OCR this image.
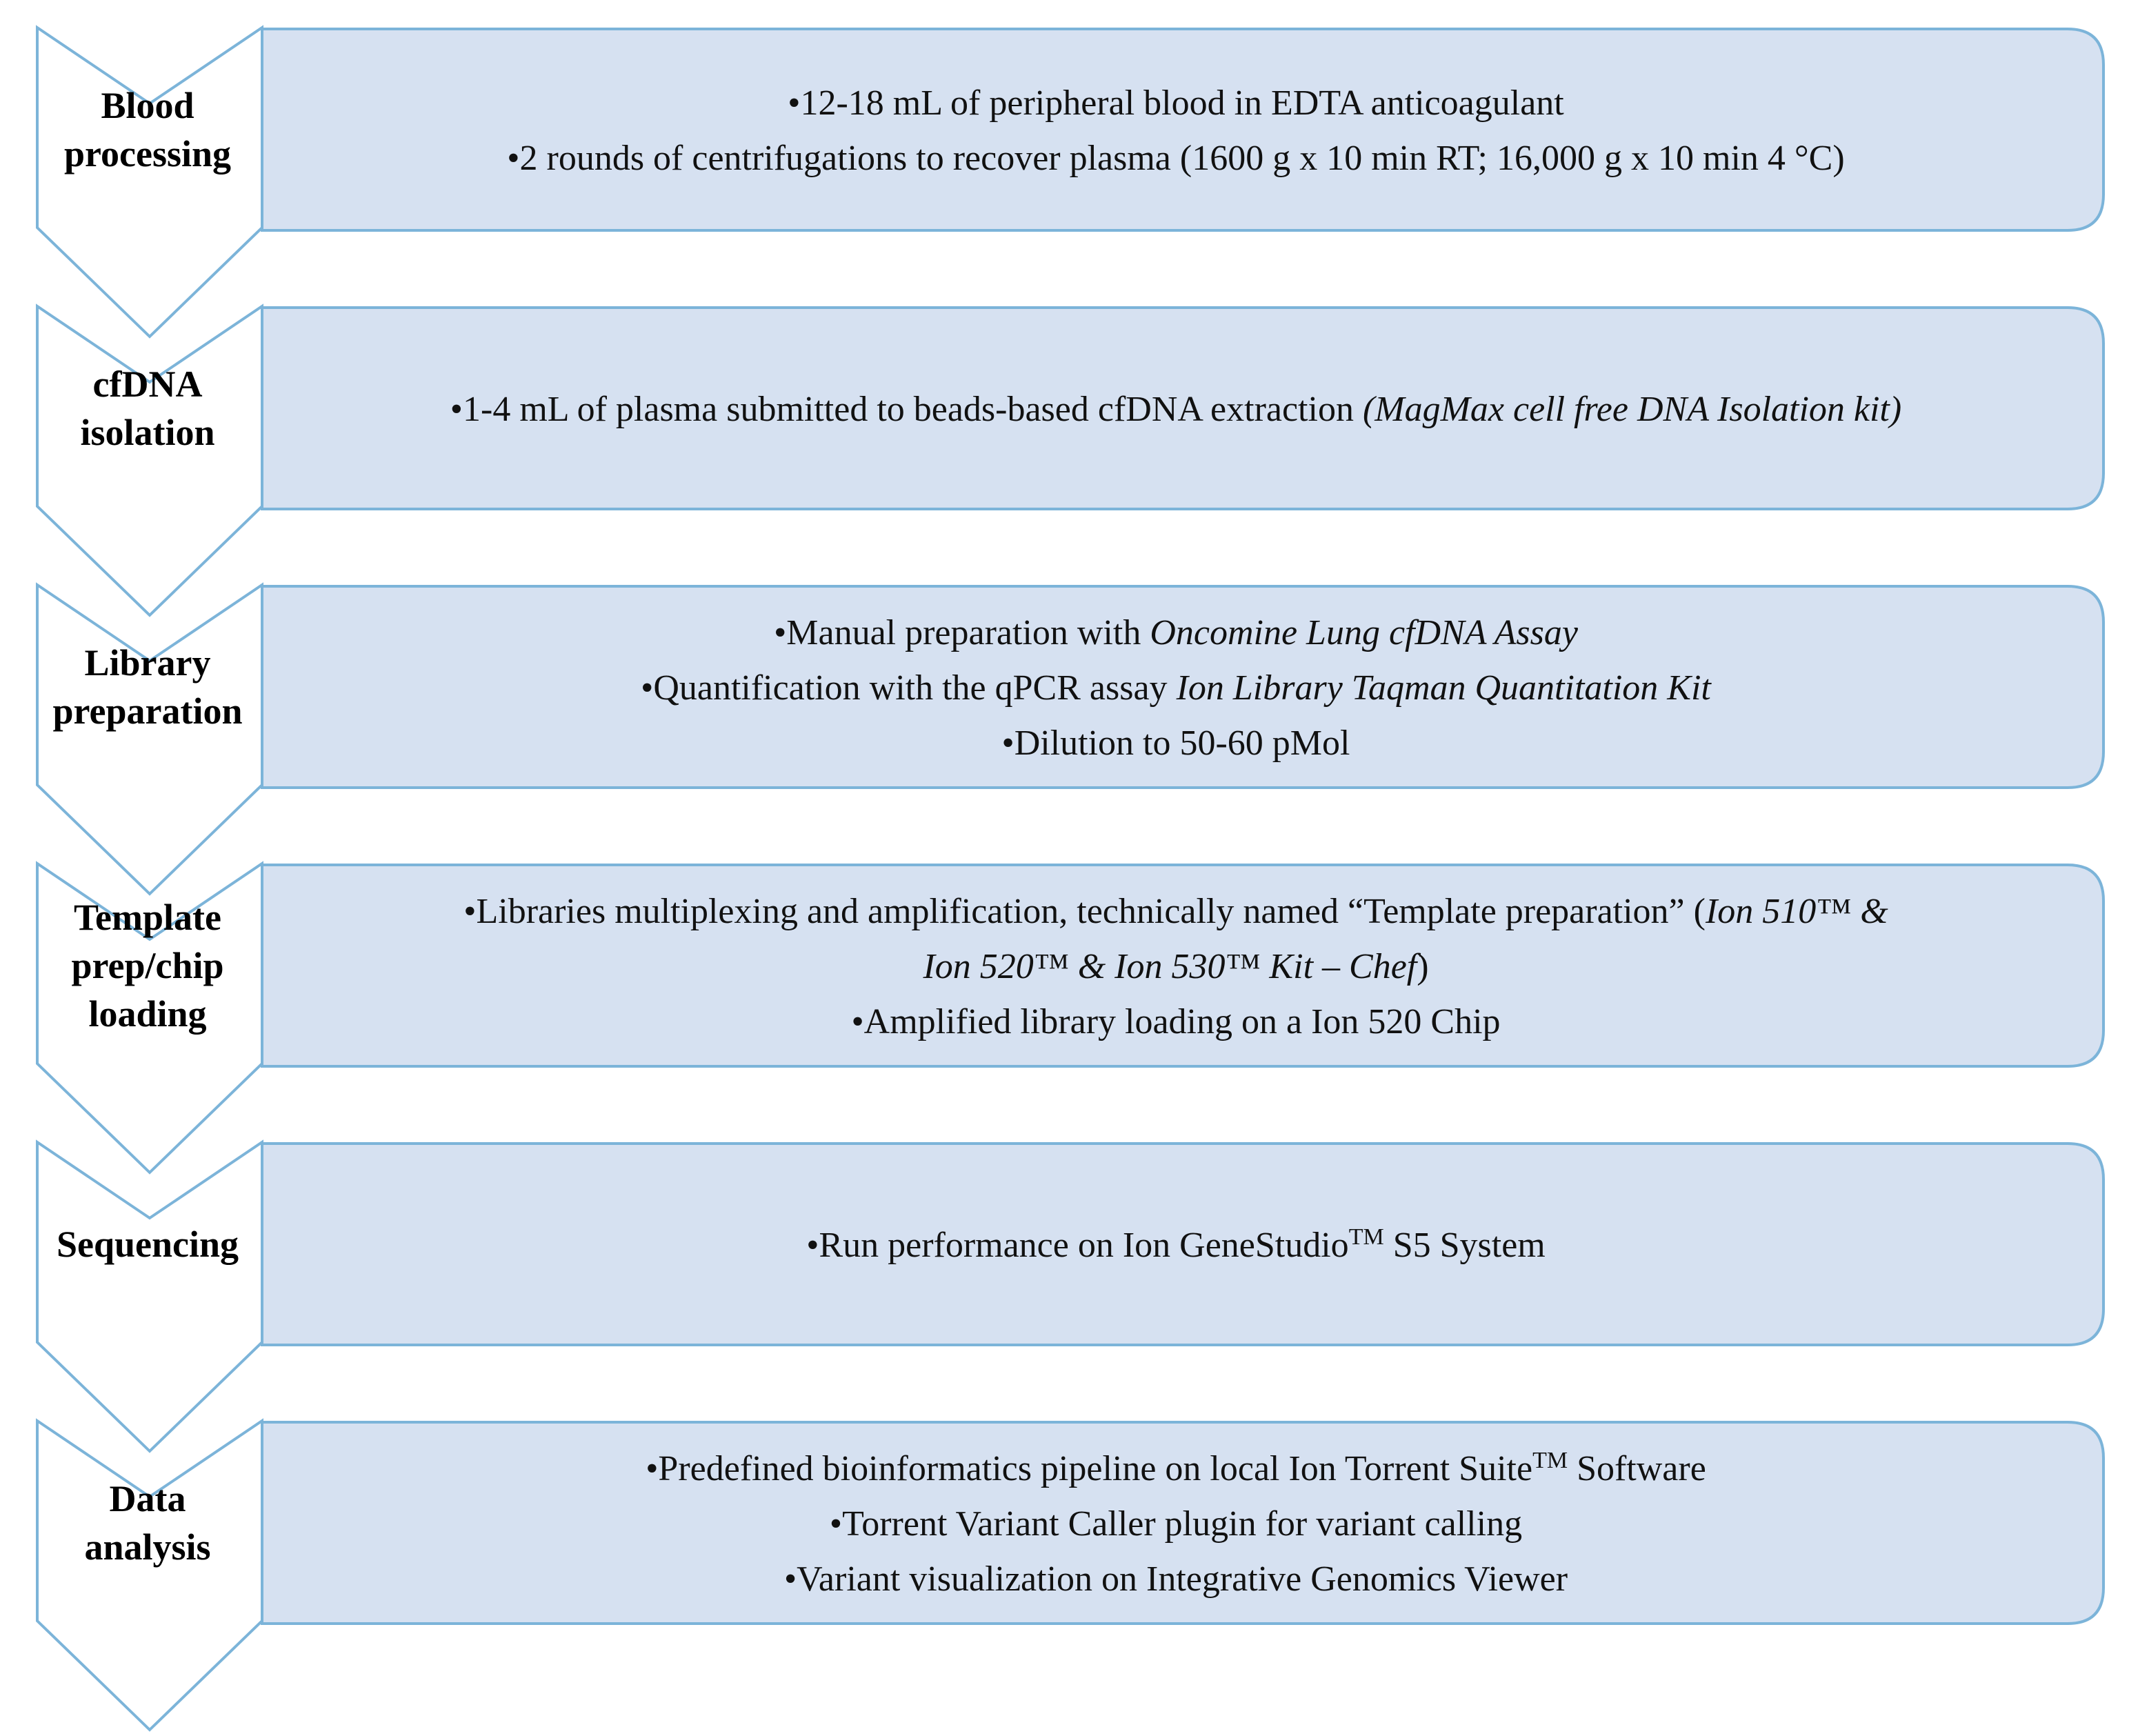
Blood
processing
•12-18 mL of peripheral blood in EDTA anticoagulant
•2 rounds of centrifugations to recover plasma (1600 g x 10 min RT; 16,000 g x 10 min 4 °C)
cfDNA
isolation
•1-4 mL of plasma submitted to beads-based cfDNA extraction (MagMax cell free DNA Isolation kit)
Library
preparation
•Manual preparation with Oncomine Lung cfDNA Assay
•Quantification with the qPCR assay Ion Library Taqman Quantitation Kit
•Dilution to 50-60 pMol
Template
prep/chip
loading
•Libraries multiplexing and amplification, technically named “Template preparation” (Ion 510™ &
Ion 520™ & Ion 530™ Kit – Chef)
•Amplified library loading on a Ion 520 Chip
Sequencing	•Run performance on Ion GeneStudio™ S5 System
Data
analysis
•Predefined bioinformatics pipeline on local Ion Torrent Suite™ Software
•Torrent Variant Caller plugin for variant calling
•Variant visualization on Integrative Genomics Viewer
